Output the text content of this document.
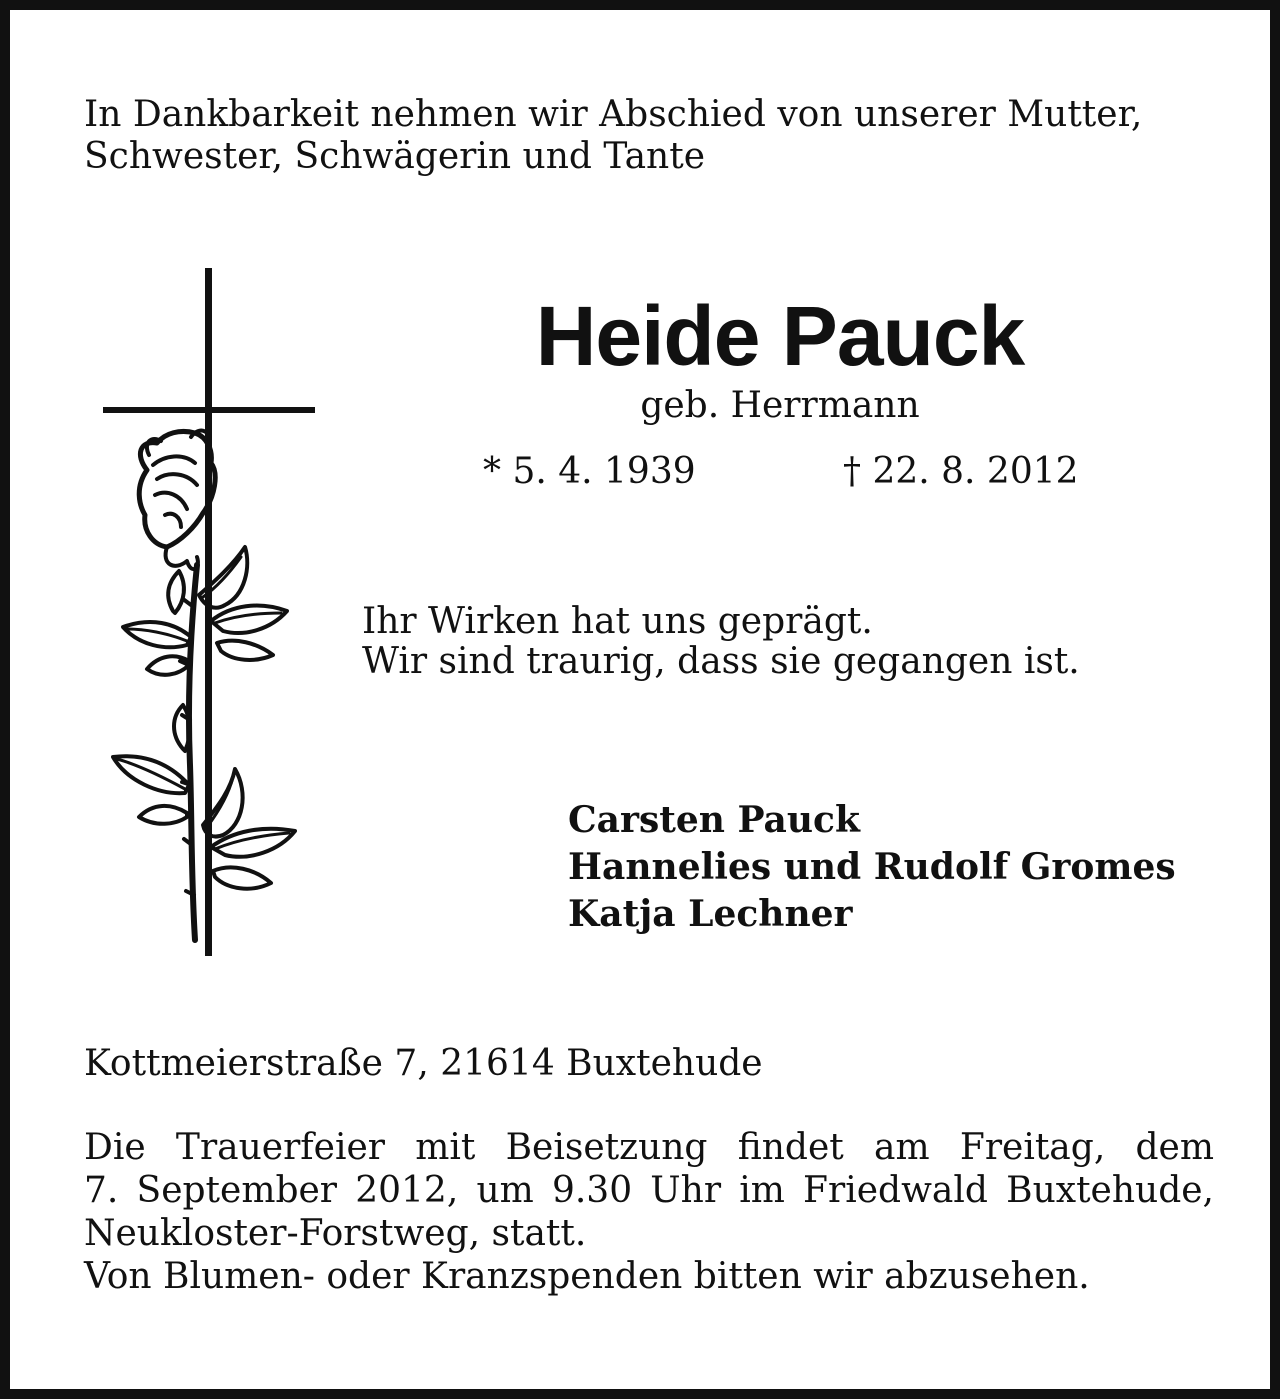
In Dankbarkeit nehmen wir Abschied von unserer Mutter,
Schwester, Schwägerin und Tante
Heide Pauck
geb. Herrmann
* 5. 4. 1939	† 22. 8. 2012
Ihr Wirken hat uns geprägt.
Wir sind traurig, dass sie gegangen ist.
Carsten Pauck
Hannelies und Rudolf Gromes
Katja Lechner
Kottmeierstraße 7, 21614 Buxtehude
Die Trauerfeier mit Beisetzung findet am Freitag, dem
7. September 2012, um 9.30 Uhr im Friedwald Buxtehude,
Neukloster-Forstweg, statt.
Von Blumen- oder Kranzspenden bitten wir abzusehen.
